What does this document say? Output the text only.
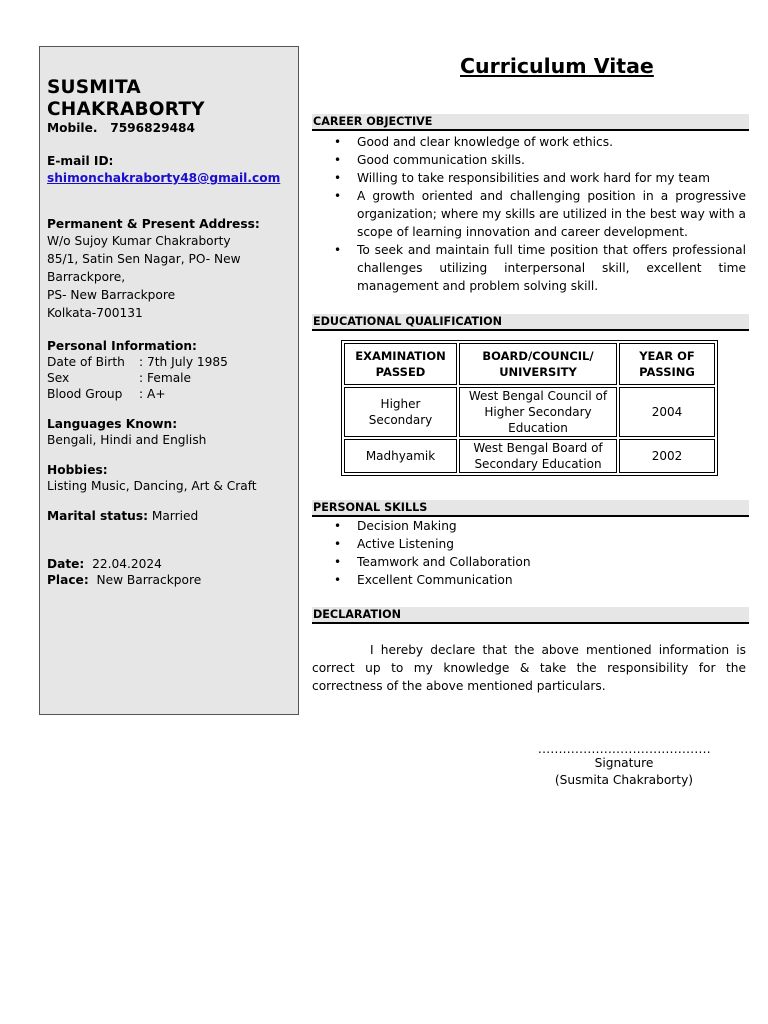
SUSMITA CHAKRABORTY
Mobile. 7596829484
E-mail ID:
shimonchakraborty48@gmail.com
Permanent & Present Address:
W/o Sujoy Kumar Chakraborty
85/1, Satin Sen Nagar, PO- New
Barrackpore,
PS- New Barrackpore
Kolkata-700131
Personal Information:
Date of Birth	: 7th July 1985
Sex	: Female
Blood Group	: A+
Languages Known:
Bengali, Hindi and English
Hobbies:
Listing Music, Dancing, Art & Craft
Marital status: Married
Date: 22.04.2024
Place: New Barrackpore
Curriculum Vitae
CAREER OBJECTIVE
• Good and clear knowledge of work ethics.
• Good communication skills.
• Willing to take responsibilities and work hard for my team
• A growth oriented and challenging position in a progressive organization; where my skills are utilized in the best way with a scope of learning innovation and career development.
• To seek and maintain full time position that offers professional challenges utilizing interpersonal skill, excellent time management and problem solving skill.
EDUCATIONAL QUALIFICATION
EXAMINATION PASSED	BOARD/COUNCIL/ UNIVERSITY	YEAR OF PASSING
Higher Secondary	West Bengal Council of Higher Secondary Education	2004
Madhyamik	West Bengal Board of Secondary Education	2002
PERSONAL SKILLS
• Decision Making
• Active Listening
• Teamwork and Collaboration
• Excellent Communication
DECLARATION
I hereby declare that the above mentioned information is correct up to my knowledge & take the responsibility for the correctness of the above mentioned particulars.
..........................................
Signature
(Susmita Chakraborty)
